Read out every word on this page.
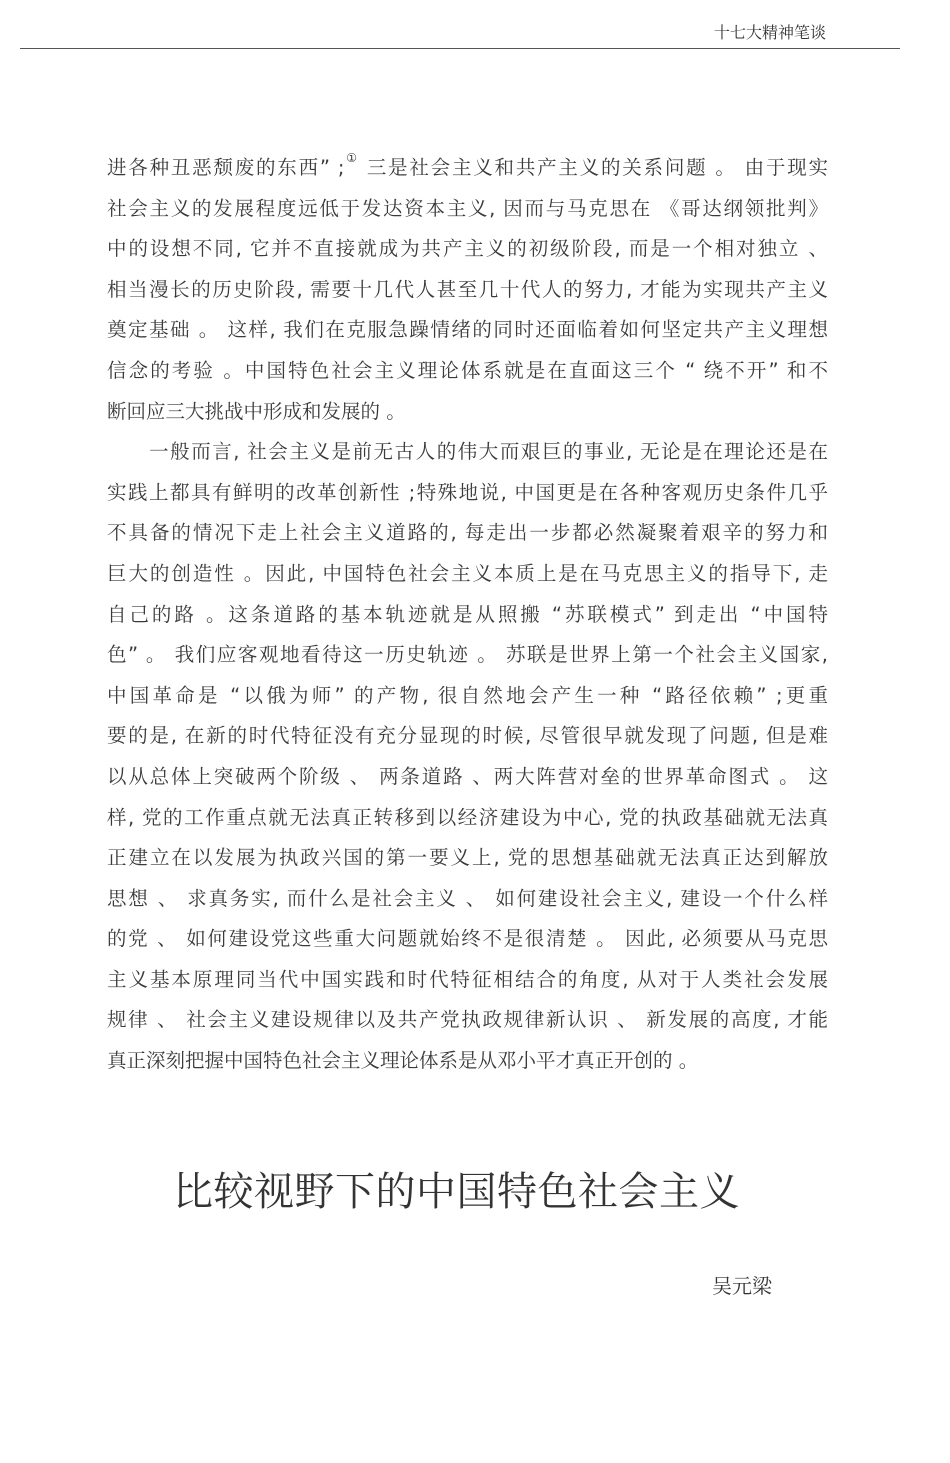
十七大精神笔谈
进各种丑恶颓废的东西” ;① 三是社会主义和共产主义的关系问题 。 由于现实
社会主义的发展程度远低于发达资本主义, 因而与马克思在 《哥达纲领批判》
中的设想不同, 它并不直接就成为共产主义的初级阶段, 而是一个相对独立 、
相当漫长的历史阶段, 需要十几代人甚至几十代人的努力, 才能为实现共产主义
奠定基础 。 这样, 我们在克服急躁情绪的同时还面临着如何坚定共产主义理想
信念的考验 。中国特色社会主义理论体系就是在直面这三个 “ 绕不开” 和不
断回应三大挑战中形成和发展的 。
　　一般而言, 社会主义是前无古人的伟大而艰巨的事业, 无论是在理论还是在
实践上都具有鲜明的改革创新性 ;特殊地说, 中国更是在各种客观历史条件几乎
不具备的情况下走上社会主义道路的, 每走出一步都必然凝聚着艰辛的努力和
巨大的创造性 。因此, 中国特色社会主义本质上是在马克思主义的指导下, 走
自己的路 。这条道路的基本轨迹就是从照搬 “苏联模式” 到走出 “中国特
色” 。 我们应客观地看待这一历史轨迹 。 苏联是世界上第一个社会主义国家,
中国革命是 “以俄为师” 的产物, 很自然地会产生一种 “路径依赖” ;更重
要的是, 在新的时代特征没有充分显现的时候, 尽管很早就发现了问题, 但是难
以从总体上突破两个阶级 、 两条道路 、两大阵营对垒的世界革命图式 。 这
样, 党的工作重点就无法真正转移到以经济建设为中心, 党的执政基础就无法真
正建立在以发展为执政兴国的第一要义上, 党的思想基础就无法真正达到解放
思想 、 求真务实, 而什么是社会主义 、 如何建设社会主义, 建设一个什么样
的党 、 如何建设党这些重大问题就始终不是很清楚 。 因此, 必须要从马克思
主义基本原理同当代中国实践和时代特征相结合的角度, 从对于人类社会发展
规律 、 社会主义建设规律以及共产党执政规律新认识 、 新发展的高度, 才能
真正深刻把握中国特色社会主义理论体系是从邓小平才真正开创的 。
比较视野下的中国特色社会主义
吴元梁
